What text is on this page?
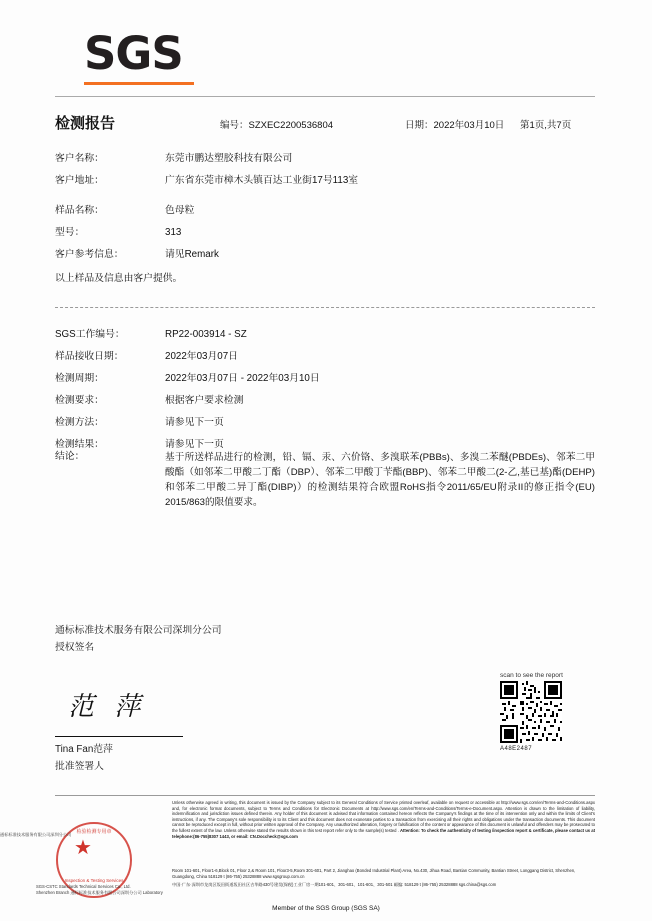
SGS
检测报告	编号：SZXEC2200536804	日期：2022年03月10日	第1页,共7页
客户名称：	东莞市鹏达塑胶科技有限公司
客户地址：	广东省东莞市樟木头镇百达工业街17号113室
样品名称：	色母粒
型号：	313
客户参考信息：	请见Remark
以上样品及信息由客户提供。
SGS工作编号：	RP22-003914 - SZ
样品接收日期：	2022年03月07日
检测周期：	2022年03月07日 - 2022年03月10日
检测要求：	根据客户要求检测
检测方法：	请参见下一页
检测结果：	请参见下一页
结论：	基于所送样品进行的检测，铅、镉、汞、六价铬、多溴联苯(PBBs)、多溴二苯醚(PBDEs)、邻苯二甲酸酯（如邻苯二甲酸二丁酯（DBP）、邻苯二甲酸丁苄酯(BBP)、邻苯二甲酸二(2-乙,基已基)酯(DEHP)和邻苯二甲酸二异丁酯(DIBP)）的检测结果符合欧盟RoHS指令2011/65/EU附录II的修正指令(EU) 2015/863的限值要求。
通标标准技术服务有限公司深圳分公司
授权签名
范 萍
Tina Fan范萍
批准签署人
scan to see the report
A48E2487
Unless otherwise agreed in writing, this document is issued by the Company subject to its General Conditions of Service printed overleaf, available on request or accessible at http://www.sgs.com/en/Terms-and-Conditions.aspx and, for electronic format documents, subject to Terms and Conditions for Electronic Documents at http://www.sgs.com/en/Terms-and-Conditions/Terms-e-Document.aspx. Attention is drawn to the limitation of liability, indemnification and jurisdiction issues defined therein. Any holder of this document is advised that information contained hereon reflects the Company's findings at the time of its intervention only and within the limits of Client's instructions, if any. The Company's sole responsibility is to its Client and this document does not exonerate parties to a transaction from exercising all their rights and obligations under the transaction documents. This document cannot be reproduced except in full, without prior written approval of the Company. Any unauthorized alteration, forgery or falsification of the content or appearance of this document is unlawful and offenders may be prosecuted to the fullest extent of the law. Unless otherwise stated the results shown in this test report refer only to the sample(s) tested . Attention: To check the authenticity of testing /inspection report & certificate, please contact us at telephone:(86-755)8307 1443, or email: CN.Doccheck@sgs.com
Room 101-601, Floor1-6,Block 01, Floor 2,& Room 101, Floor3-5,Room 301-601, Part 2, Jianghao (Bonded Industrial Plant) Area, No.430, Jihua Road, Bantian Community, Bantian Street, Longgang District, Shenzhen, Guangdong, China 518129 t (86-755) 25328888 www.sgsgroup.com.cn
中国·广东·深圳市龙岗区坂田街道坂田社区吉华路430号建昊(保税)工业厂房一期101-601、301-601、101-601、301-501 邮编: 518129 t (86-755) 25328888 sgs.china@sgs.com
Member of the SGS Group (SGS SA)
检验检测专用章
Inspection & Testing Services
通标标准技术服务有限公司深圳分公司
SGS-CSTC Standards Technical Services Co., Ltd.
Shenzhen Branch 通标标准技术服务有限公司深圳分公司 Laboratory
